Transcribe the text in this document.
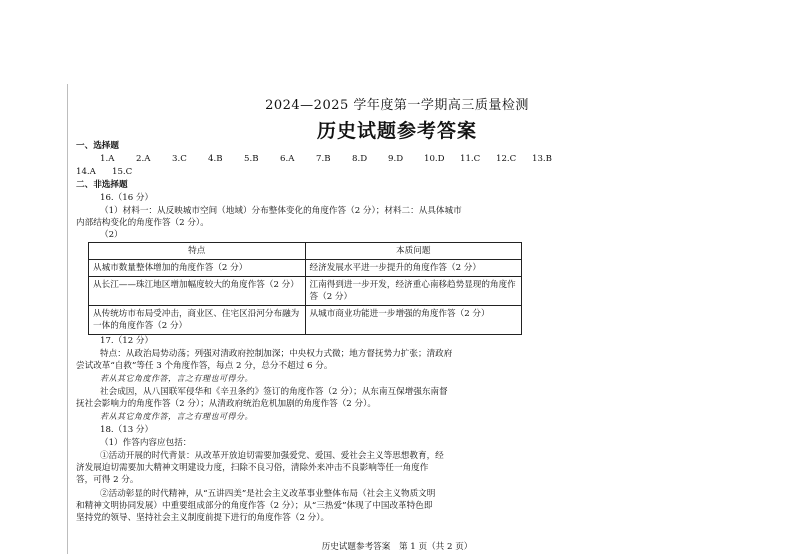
2024—2025 学年度第一学期高三质量检测
历史试题参考答案
一、选择题
1.A	2.A	3.C 4.B 5.B 6.A	7.B 8.D 9.D 10.D 11.C 12.C 13.B
14.A 15.C
二、非选择题
16.（16 分）
（1）材料一：从反映城市空间（地域）分布整体变化的角度作答（2 分）；材料二：从具体城市
内部结构变化的角度作答（2 分）。
（2）
特点	本质问题
从城市数量整体增加的角度作答（2 分）	经济发展水平进一步提升的角度作答（2 分）
从长江——珠江地区增加幅度较大的角度作答（2 分）	江南得到进一步开发，经济重心南移趋势显现的角度作答（2 分）
从传统坊市布局受冲击，商业区、住宅区沿河分布融为一体的角度作答（2 分）	从城市商业功能进一步增强的角度作答（2 分）
17.（12 分）
特点：从政治局势动荡；列强对清政府控制加深；中央权力式微；地方督抚势力扩张；清政府
尝试改革“自救”等任 3 个角度作答，每点 2 分，总分不超过 6 分。
若从其它角度作答，言之有理也可得分。
社会成因，从八国联军侵华和《辛丑条约》签订的角度作答（2 分）；从东南互保增强东南督
抚社会影响力的角度作答（2 分）；从清政府统治危机加剧的角度作答（2 分）。
若从其它角度作答，言之有理也可得分。
18.（13 分）
（1）作答内容应包括：
①活动开展的时代背景：从改革开放迫切需要加强爱党、爱国、爱社会主义等思想教育，经
济发展迫切需要加大精神文明建设力度，扫除不良习俗，清除外来冲击不良影响等任一角度作
答，可得 2 分。
②活动彰显的时代精神，从“五讲四美”是社会主义改革事业整体布局（社会主义物质文明
和精神文明协同发展）中重要组成部分的角度作答（2 分）；从“三热爱”体现了中国改革特色即
坚持党的领导、坚持社会主义制度前提下进行的角度作答（2 分）。
历史试题参考答案　第 1 页（共 2 页）
